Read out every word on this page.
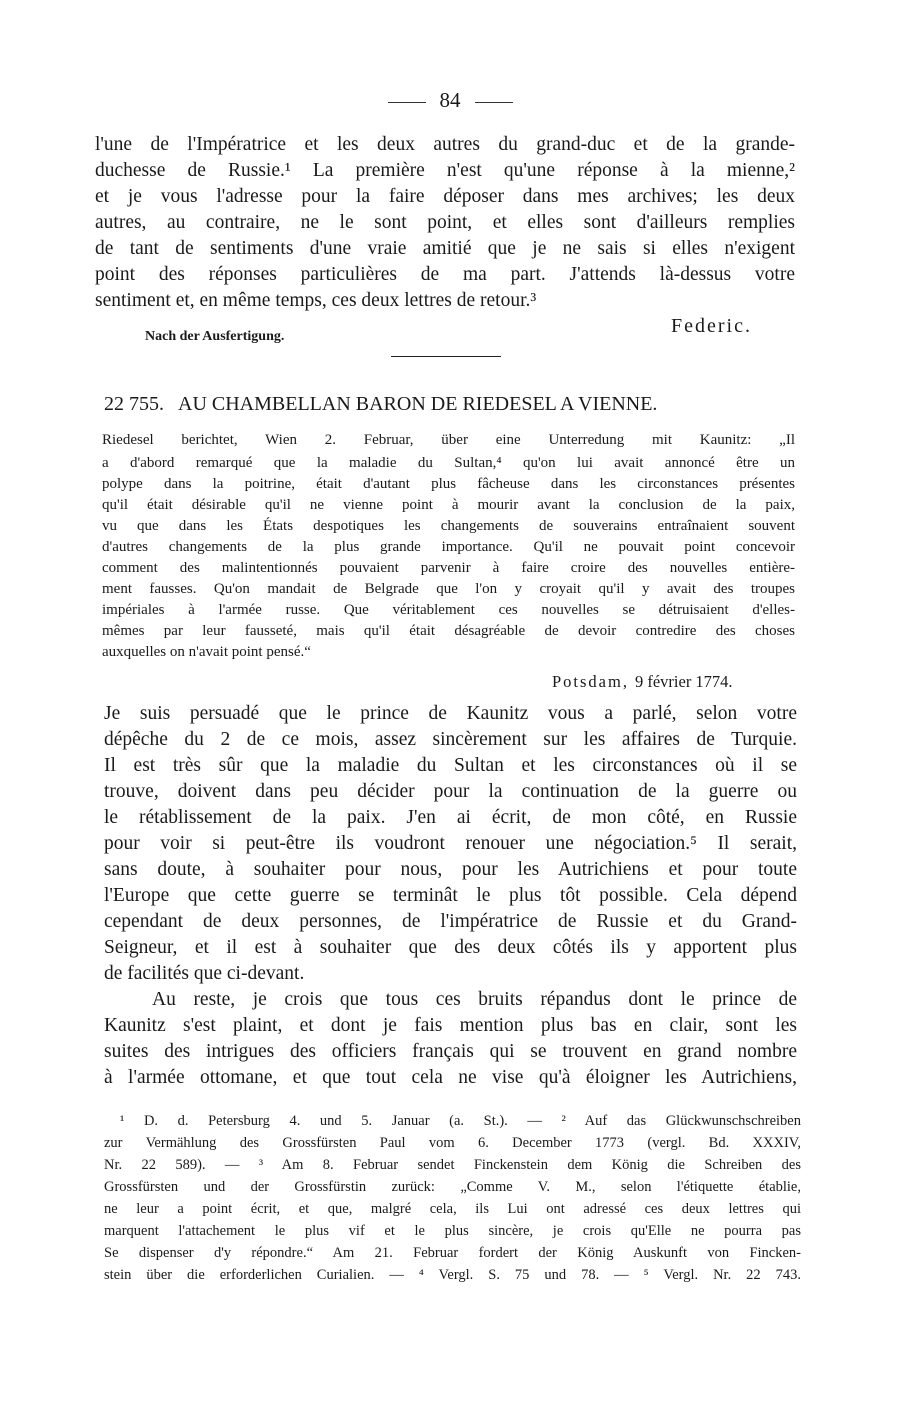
84
l'une de l'Impératrice et les deux autres du grand-duc et de la grande-
duchesse de Russie.¹ La première n'est qu'une réponse à la mienne,²
et je vous l'adresse pour la faire déposer dans mes archives; les deux
autres, au contraire, ne le sont point, et elles sont d'ailleurs remplies
de tant de sentiments d'une vraie amitié que je ne sais si elles n'exigent
point des réponses particulières de ma part. J'attends là-dessus votre
sentiment et, en même temps, ces deux lettres de retour.³
Nach der Ausfertigung.	Federic.
22 755. AU CHAMBELLAN BARON DE RIEDESEL A VIENNE.
Riedesel berichtet, Wien 2. Februar, über eine Unterredung mit Kaunitz: „Il
a d'abord remarqué que la maladie du Sultan,⁴ qu'on lui avait annoncé être un
polype dans la poitrine, était d'autant plus fâcheuse dans les circonstances présentes
qu'il était désirable qu'il ne vienne point à mourir avant la conclusion de la paix,
vu que dans les États despotiques les changements de souverains entraînaient souvent
d'autres changements de la plus grande importance. Qu'il ne pouvait point concevoir
comment des malintentionnés pouvaient parvenir à faire croire des nouvelles entière-
ment fausses. Qu'on mandait de Belgrade que l'on y croyait qu'il y avait des troupes
impériales à l'armée russe. Que véritablement ces nouvelles se détruisaient d'elles-
mêmes par leur fausseté, mais qu'il était désagréable de devoir contredire des choses
auxquelles on n'avait point pensé.“
Potsdam, 9 février 1774.
Je suis persuadé que le prince de Kaunitz vous a parlé, selon votre
dépêche du 2 de ce mois, assez sincèrement sur les affaires de Turquie.
Il est très sûr que la maladie du Sultan et les circonstances où il se
trouve, doivent dans peu décider pour la continuation de la guerre ou
le rétablissement de la paix. J'en ai écrit, de mon côté, en Russie
pour voir si peut-être ils voudront renouer une négociation.⁵ Il serait,
sans doute, à souhaiter pour nous, pour les Autrichiens et pour toute
l'Europe que cette guerre se terminât le plus tôt possible. Cela dépend
cependant de deux personnes, de l'impératrice de Russie et du Grand-
Seigneur, et il est à souhaiter que des deux côtés ils y apportent plus
de facilités que ci-devant.
Au reste, je crois que tous ces bruits répandus dont le prince de
Kaunitz s'est plaint, et dont je fais mention plus bas en clair, sont les
suites des intrigues des officiers français qui se trouvent en grand nombre
à l'armée ottomane, et que tout cela ne vise qu'à éloigner les Autrichiens,
¹ D. d. Petersburg 4. und 5. Januar (a. St.). — ² Auf das Glückwunschschreiben
zur Vermählung des Grossfürsten Paul vom 6. December 1773 (vergl. Bd. XXXIV,
Nr. 22 589). — ³ Am 8. Februar sendet Finckenstein dem König die Schreiben des
Grossfürsten und der Grossfürstin zurück: „Comme V. M., selon l'étiquette établie,
ne leur a point écrit, et que, malgré cela, ils Lui ont adressé ces deux lettres qui
marquent l'attachement le plus vif et le plus sincère, je crois qu'Elle ne pourra pas
Se dispenser d'y répondre.“ Am 21. Februar fordert der König Auskunft von Fincken-
stein über die erforderlichen Curialien. — ⁴ Vergl. S. 75 und 78. — ⁵ Vergl. Nr. 22 743.
